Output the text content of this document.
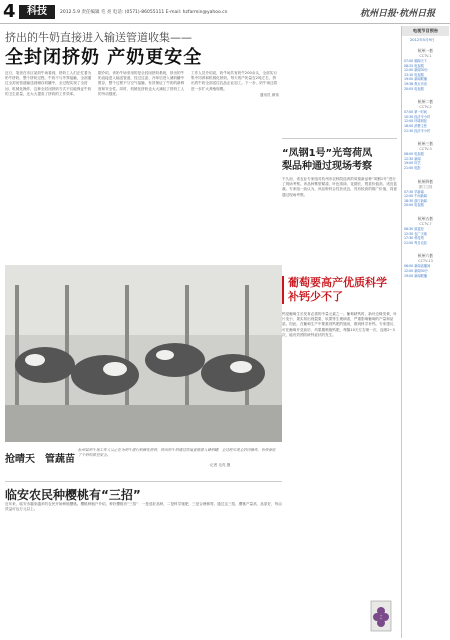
4	科技	2012.5.9 责任编辑 毛 亮 电话: (0571)-86055111 E-mail: hzfarmin@yahoo.cn	杭州日报·杭州日报
挤出的牛奶直接进入输送管道收集——
全封闭挤奶 产奶更安全

近日，笔者在市区某奶牛场看到，挤奶工人们正忙着为奶牛挤奶，整个挤奶过程，牛奶不与外界接触，全部通过全封闭管道输送到储存奶罐中，全过程实现了全封闭、机械化操作，这种全封闭挤奶方式不仅能保证牛奶的卫生质量，还大大提高了挤奶的工作效率。

据介绍，该奶牛场采用的是全封闭挤奶系统，挤出的牛奶直接进入输送管道，经过过滤、冷却后进入储奶罐中暂存，整个过程不与空气接触，有效保证了牛奶的新鲜度和安全性。同时，机械化挤奶也大大减轻了挤奶工人的劳动强度。

工作人员介绍说，奶牛场共有奶牛200余头，全部实行集中饲养和机械化挤奶，每天的产奶量在2吨左右，挤出的牛奶全部送往乳品企业加工。下一步，奶牛场还将进一步扩大养殖规模。

通讯员 颜伟

杭州某奶牛场工作人员正在为奶牛进行机械化挤奶，挤出的牛奶通过管道直接进入储奶罐，全过程实现全封闭操作，有效保证了牛奶的质量安全。
记者 毛亮 摄
抢晴天　管蔬苗
“凤钢1号”光弯荷凤梨品种通过现场考察

不久前，省农业专家组对杭州市农科院选育的凤梨新品种“凤钢1号”进行了现场考察。该品种株型紧凑，叶色浓绿，花期长，观赏价值高，适宜盆栽。专家组一致认为，该品种综合性状优良，具有较高的推广价值，同意通过现场考察。

葡萄要高产优质科学补钙少不了

钙是葡萄生长发育必需的中量元素之一。葡萄缺钙时，新叶边缘发黄，叶片变小，果实易出现裂果、软果等生理病害，严重影响葡萄的产量和品质。因此，在葡萄生产中要重视钙肥的施用，做到科学补钙。专家建议，可在葡萄开花前后、幼果期喷施钙肥，每隔10天左右喷一次，连喷2~3次，能有效预防缺钙症状的发生。

临安农民种樱桃有“三招”

近年来，临安市越来越多的农民开始种植樱桃。樱桃种植户介绍，种好樱桃有“三招”：一是选好品种，二是科学施肥，三是合理修剪。通过这三招，樱桃产量高、品质好，每亩效益可达万元以上。

电视节目预告
2012年5月9日
杭州一套
CCTV-1
07:00 朝闻天下
08:25 电视剧
12:00 新闻30分
13:10 电视剧
19:00 新闻联播
19:38 焦点访谈
20:05 电视剧
杭州二套
CCTV-2
07:00 第一时间
10:30 经济半小时
12:00 环球财经
18:00 消费主张
21:30 经济半小时
杭州三套
CCTV-3
08:00 电视剧
12:30 新闻
19:00 综艺
21:00 电影
杭州四套
浙江卫视
07:30 早新闻
12:00 午间新闻
18:30 浙江新闻
20:00 电视剧
杭州五套
CCTV-7
06:30 致富经
12:30 农广天地
17:30 科技苑
21:00 每日农经
杭州六套
CCTV-13
06:00 新闻直播间
12:00 新闻30分
19:00 新闻联播
